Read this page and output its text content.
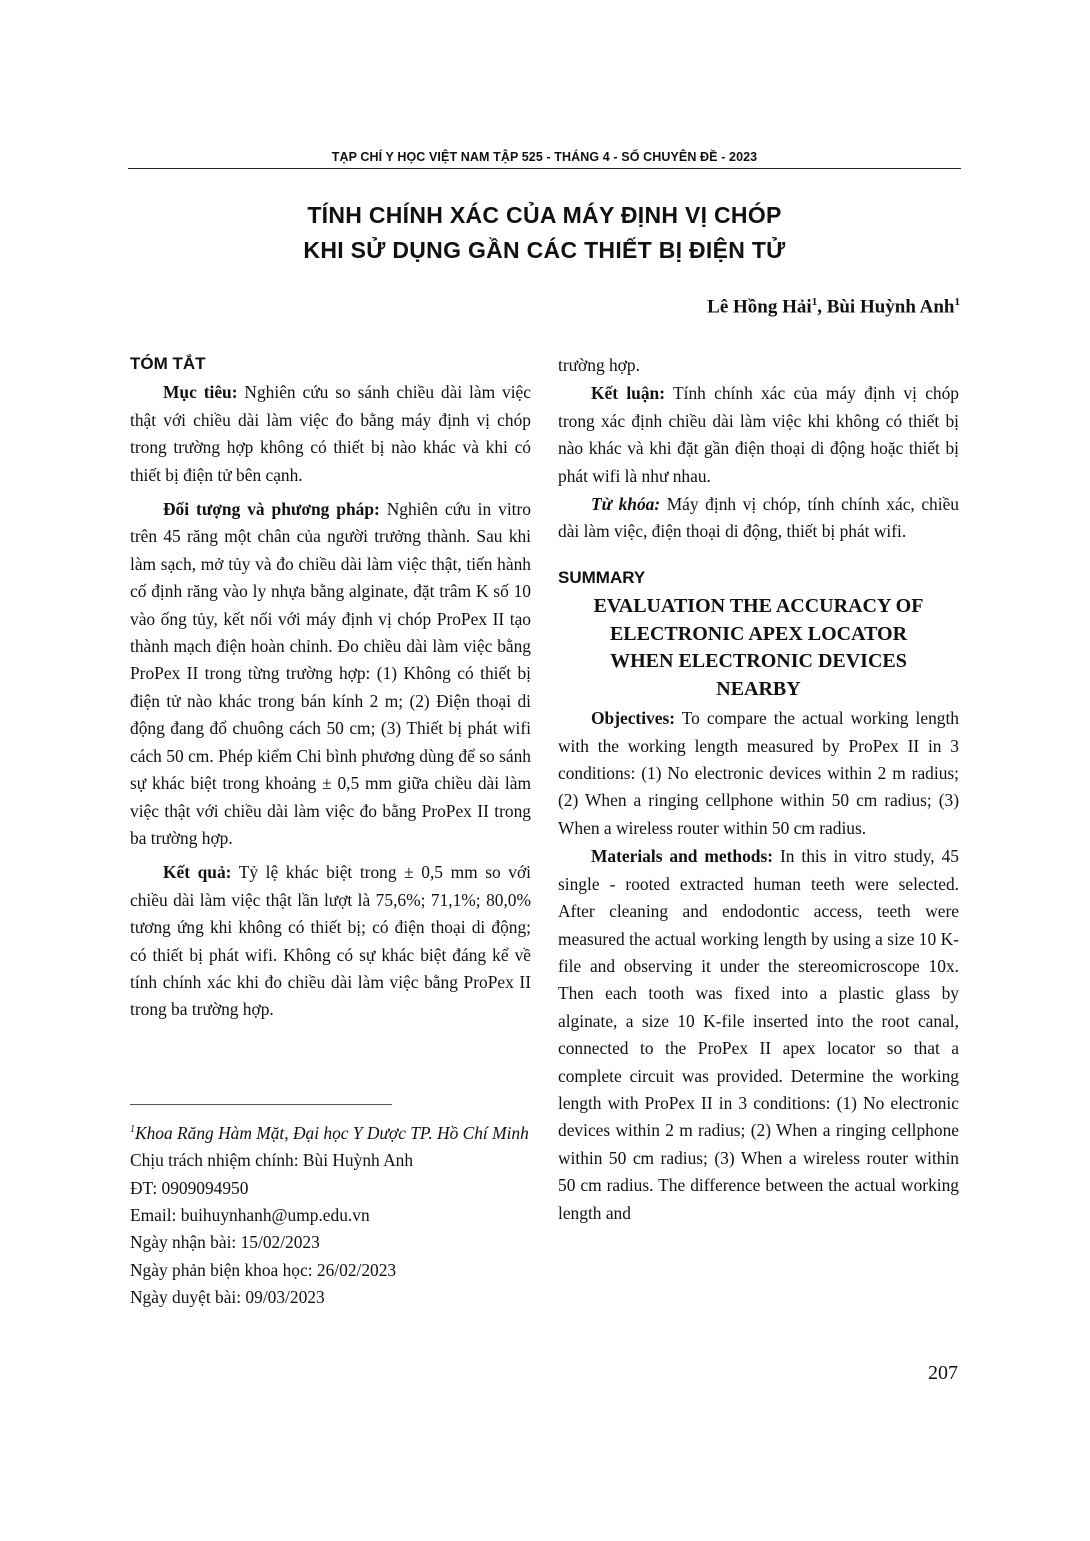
TẠP CHÍ Y HỌC VIỆT NAM TẬP 525 - THÁNG 4 - SỐ CHUYÊN ĐỀ - 2023
TÍNH CHÍNH XÁC CỦA MÁY ĐỊNH VỊ CHÓP
KHI SỬ DỤNG GẦN CÁC THIẾT BỊ ĐIỆN TỬ
Lê Hồng Hải$^1$, Bùi Huỳnh Anh$^1$
TÓM TẮT

Mục tiêu: Nghiên cứu so sánh chiều dài làm việc thật với chiều dài làm việc đo bằng máy định vị chóp trong trường hợp không có thiết bị nào khác và khi có thiết bị điện tử bên cạnh.

Đối tượng và phương pháp: Nghiên cứu in vitro trên 45 răng một chân của người trưởng thành. Sau khi làm sạch, mở tủy và đo chiều dài làm việc thật, tiến hành cố định răng vào ly nhựa bằng alginate, đặt trâm K số 10 vào ống tủy, kết nối với máy định vị chóp ProPex II tạo thành mạch điện hoàn chỉnh. Đo chiều dài làm việc bằng ProPex II trong từng trường hợp: (1) Không có thiết bị điện tử nào khác trong bán kính 2 m; (2) Điện thoại di động đang đổ chuông cách 50 cm; (3) Thiết bị phát wifi cách 50 cm. Phép kiểm Chi bình phương dùng để so sánh sự khác biệt trong khoảng ± 0,5 mm giữa chiều dài làm việc thật với chiều dài làm việc đo bằng ProPex II trong ba trường hợp.

Kết quả: Tỷ lệ khác biệt trong ± 0,5 mm so với chiều dài làm việc thật lần lượt là 75,6%; 71,1%; 80,0% tương ứng khi không có thiết bị; có điện thoại di động; có thiết bị phát wifi. Không có sự khác biệt đáng kể về tính chính xác khi đo chiều dài làm việc bằng ProPex II trong ba trường hợp.

$^1$Khoa Răng Hàm Mặt, Đại học Y Dược TP. Hồ Chí Minh
Chịu trách nhiệm chính: Bùi Huỳnh Anh
ĐT: 0909094950
Email: buihuynhanh@ump.edu.vn
Ngày nhận bài: 15/02/2023
Ngày phản biện khoa học: 26/02/2023
Ngày duyệt bài: 09/03/2023

trường hợp.

Kết luận: Tính chính xác của máy định vị chóp trong xác định chiều dài làm việc khi không có thiết bị nào khác và khi đặt gần điện thoại di động hoặc thiết bị phát wifi là như nhau.

Từ khóa: Máy định vị chóp, tính chính xác, chiều dài làm việc, điện thoại di động, thiết bị phát wifi.

SUMMARY
EVALUATION THE ACCURACY OF
ELECTRONIC APEX LOCATOR
WHEN ELECTRONIC DEVICES
NEARBY

Objectives: To compare the actual working length with the working length measured by ProPex II in 3 conditions: (1) No electronic devices within 2 m radius; (2) When a ringing cellphone within 50 cm radius; (3) When a wireless router within 50 cm radius.

Materials and methods: In this in vitro study, 45 single - rooted extracted human teeth were selected. After cleaning and endodontic access, teeth were measured the actual working length by using a size 10 K-file and observing it under the stereomicroscope 10x. Then each tooth was fixed into a plastic glass by alginate, a size 10 K-file inserted into the root canal, connected to the ProPex II apex locator so that a complete circuit was provided. Determine the working length with ProPex II in 3 conditions: (1) No electronic devices within 2 m radius; (2) When a ringing cellphone within 50 cm radius; (3) When a wireless router within 50 cm radius. The difference between the actual working length and

207
